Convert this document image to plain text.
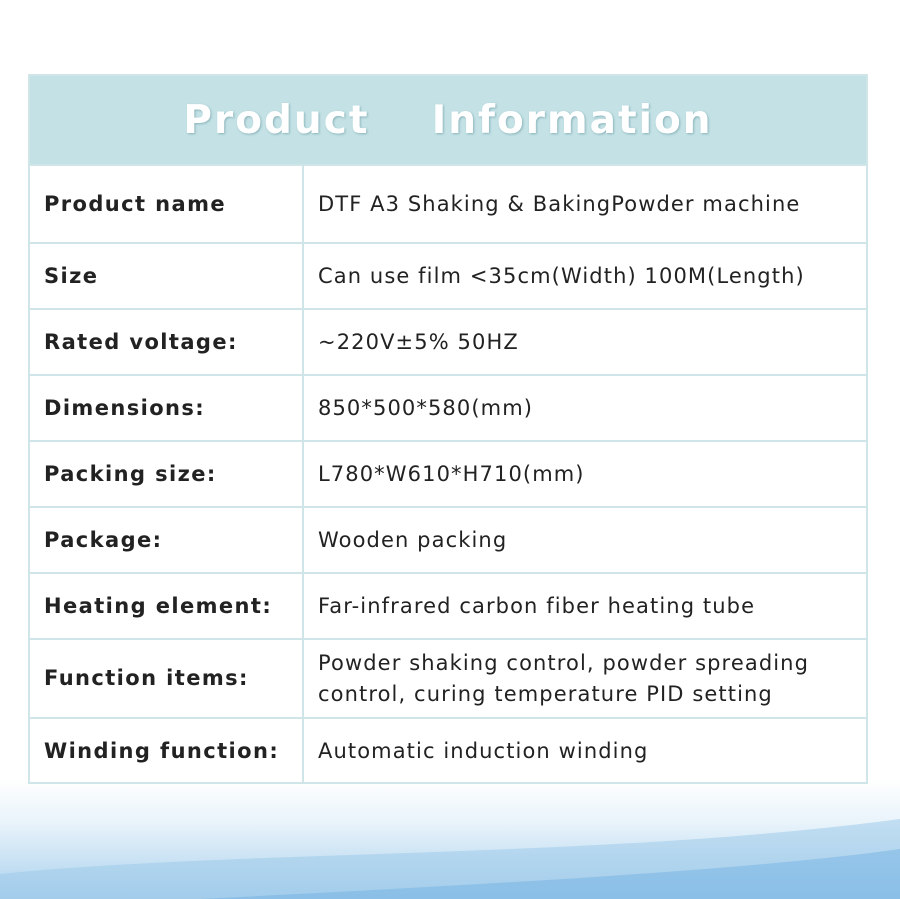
Product    Information
Product name	DTF A3 Shaking & BakingPowder machine
Size	Can use film <35cm(Width) 100M(Length)
Rated voltage:	~220V±5% 50HZ
Dimensions:	850*500*580(mm)
Packing size:	L780*W610*H710(mm)
Package:	Wooden packing
Heating element:	Far-infrared carbon fiber heating tube
Function items:	Powder shaking control, powder spreading control, curing temperature PID setting
Winding function:	Automatic induction winding
